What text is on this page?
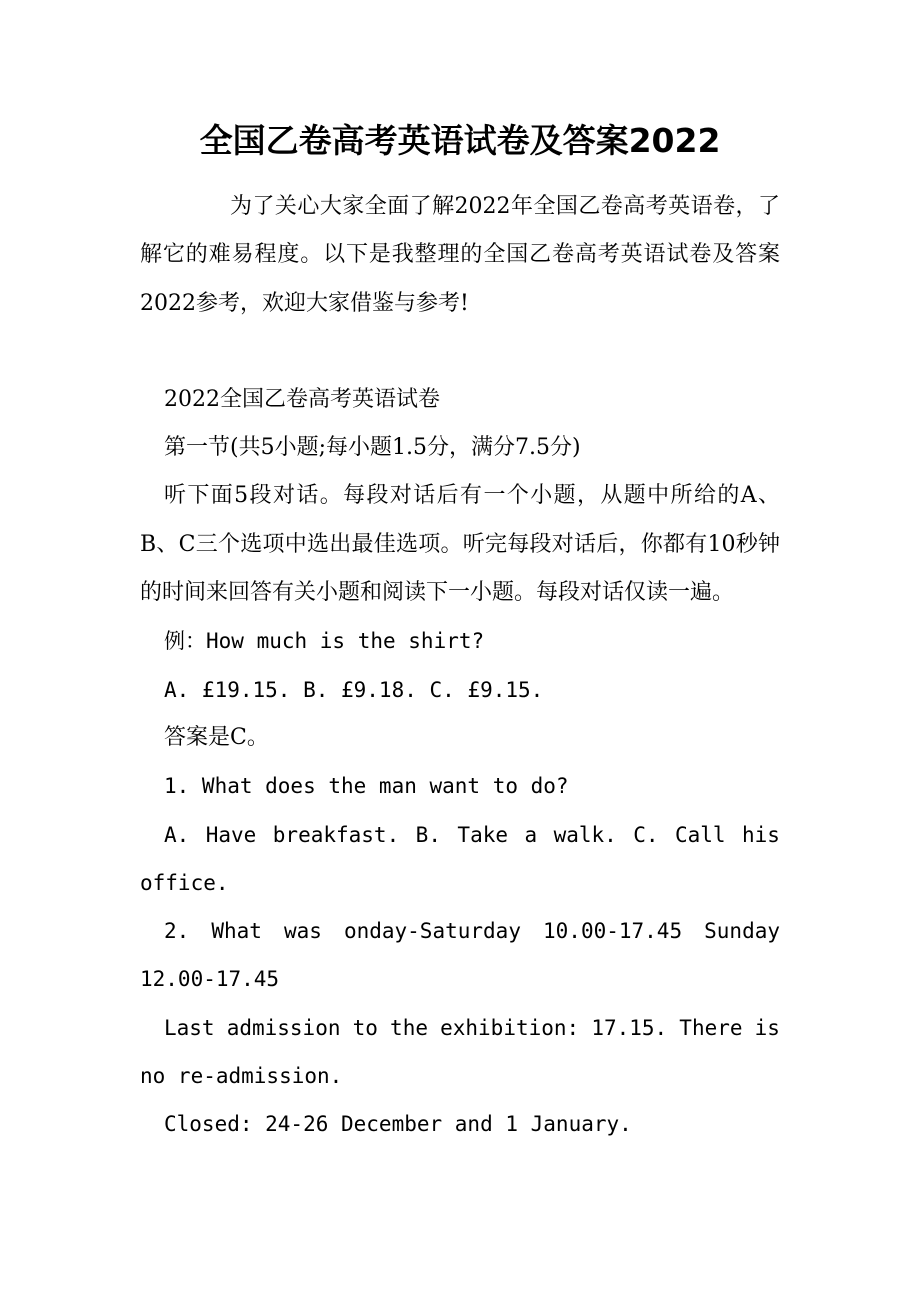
全国乙卷高考英语试卷及答案2022

为了关心大家全面了解2022年全国乙卷高考英语卷，了解它的难易程度。以下是我整理的全国乙卷高考英语试卷及答案2022参考，欢迎大家借鉴与参考!

2022全国乙卷高考英语试卷

第一节(共5小题;每小题1.5分，满分7.5分)

听下面5段对话。每段对话后有一个小题，从题中所给的A、B、C三个选项中选出最佳选项。听完每段对话后，你都有10秒钟的时间来回答有关小题和阅读下一小题。每段对话仅读一遍。

例：How much is the shirt?

A. £19.15. B. £9.18. C. £9.15.

答案是C。

1. What does the man want to do?

A. Have breakfast. B. Take a walk. C. Call his

office.

2. What was onday-Saturday 10.00-17.45 Sunday

12.00-17.45

Last admission to the exhibition: 17.15. There is

no re-admission.

Closed: 24-26 December and 1 January.
